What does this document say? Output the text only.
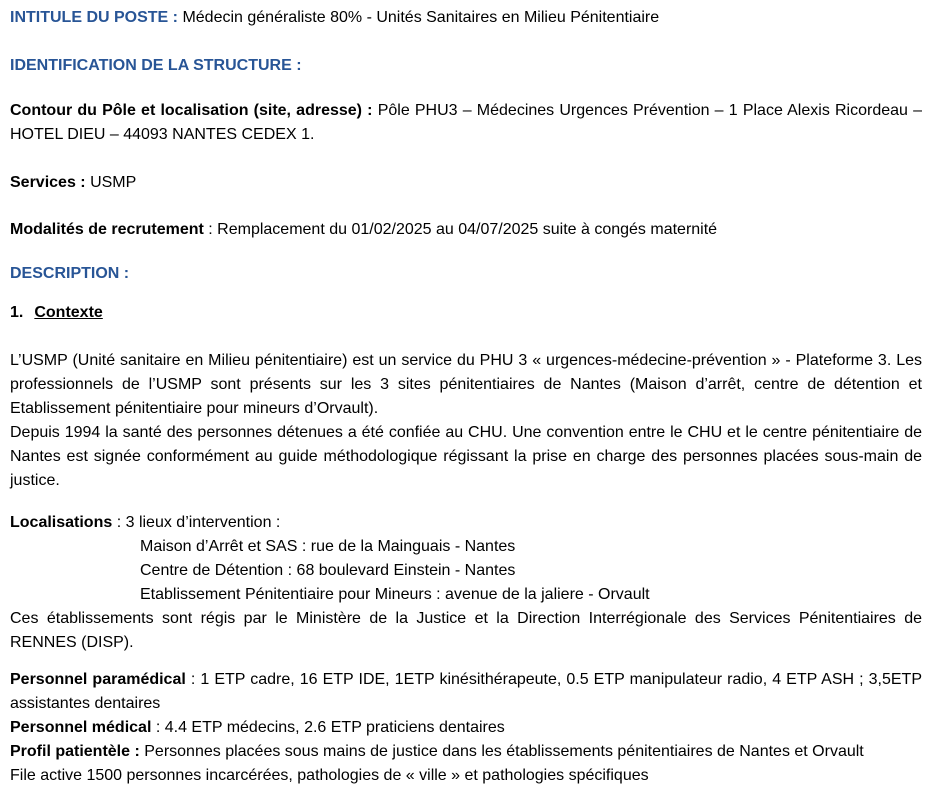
INTITULE DU POSTE : Médecin généraliste 80% - Unités Sanitaires en Milieu Pénitentiaire

IDENTIFICATION DE LA STRUCTURE :

Contour du Pôle et localisation (site, adresse) : Pôle PHU3 – Médecines Urgences Prévention – 1 Place Alexis Ricordeau – HOTEL DIEU – 44093 NANTES CEDEX 1.

Services : USMP

Modalités de recrutement : Remplacement du 01/02/2025 au 04/07/2025 suite à congés maternité

DESCRIPTION :

1. Contexte

L’USMP (Unité sanitaire en Milieu pénitentiaire) est un service du PHU 3 « urgences-médecine-prévention » - Plateforme 3. Les professionnels de l’USMP sont présents sur les 3 sites pénitentiaires de Nantes (Maison d’arrêt, centre de détention et Etablissement pénitentiaire pour mineurs d’Orvault).

Depuis 1994 la santé des personnes détenues a été confiée au CHU. Une convention entre le CHU et le centre pénitentiaire de Nantes est signée conformément au guide méthodologique régissant la prise en charge des personnes placées sous-main de justice.

Localisations : 3 lieux d’intervention :

Maison d’Arrêt et SAS : rue de la Mainguais - Nantes

Centre de Détention : 68 boulevard Einstein - Nantes

Etablissement Pénitentiaire pour Mineurs : avenue de la jaliere - Orvault

Ces établissements sont régis par le Ministère de la Justice et la Direction Interrégionale des Services Pénitentiaires de RENNES (DISP).

Personnel paramédical : 1 ETP cadre, 16 ETP IDE, 1ETP kinésithérapeute, 0.5 ETP manipulateur radio, 4 ETP ASH ; 3,5ETP assistantes dentaires

Personnel médical : 4.4 ETP médecins, 2.6 ETP praticiens dentaires

Profil patientèle : Personnes placées sous mains de justice dans les établissements pénitentiaires de Nantes et Orvault

File active 1500 personnes incarcérées, pathologies de « ville » et pathologies spécifiques
